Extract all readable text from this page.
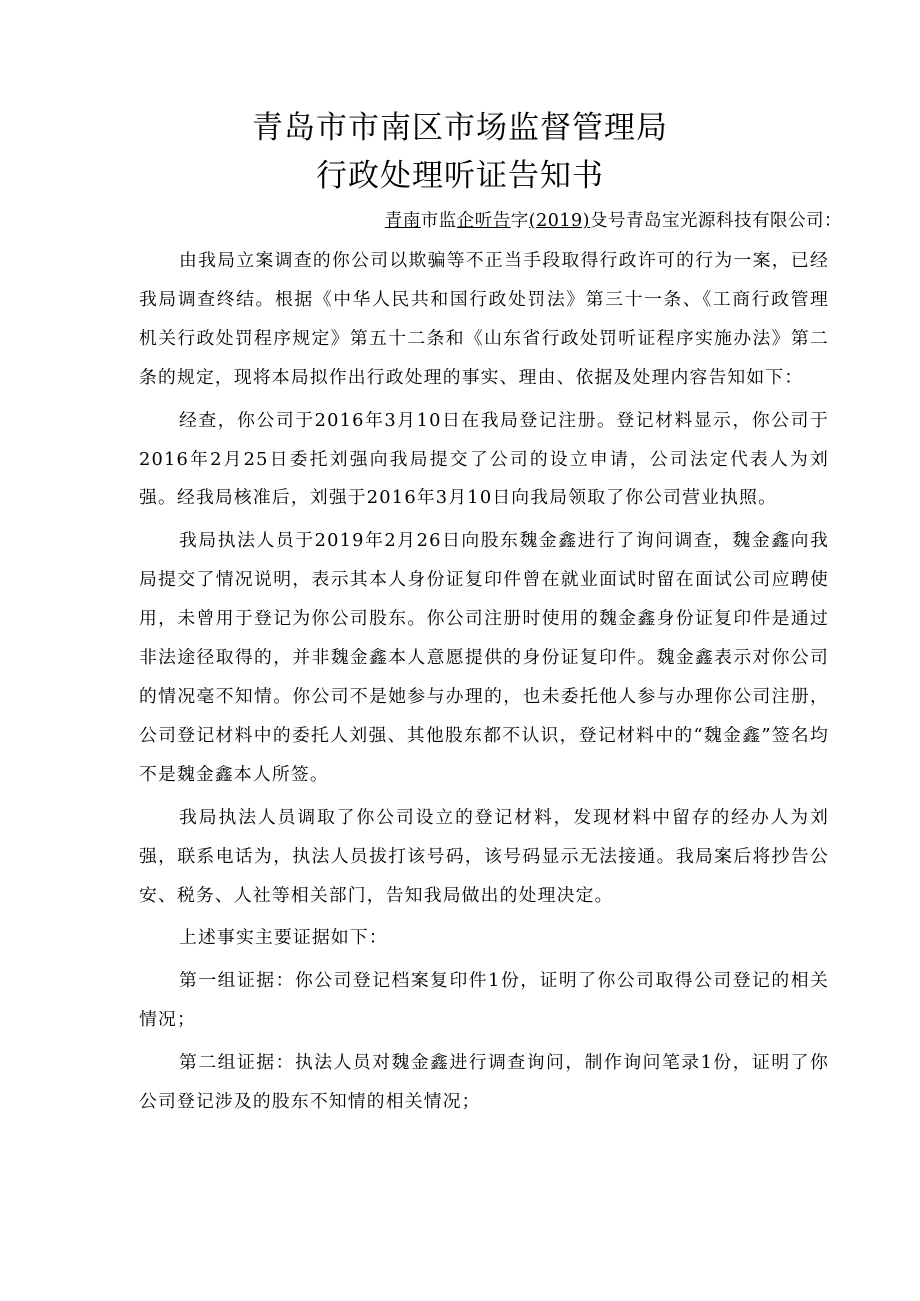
青岛市市南区市场监督管理局
行政处理听证告知书
青南市监企听告字(2019)殳号青岛宝光源科技有限公司：

由我局立案调查的你公司以欺骗等不正当手段取得行政许可的行为一案，已经我局调查终结。根据《中华人民共和国行政处罚法》第三十一条、《工商行政管理机关行政处罚程序规定》第五十二条和《山东省行政处罚听证程序实施办法》第二条的规定，现将本局拟作出行政处理的事实、理由、依据及处理内容告知如下：

经查，你公司于2016年3月10日在我局登记注册。登记材料显示，你公司于2016年2月25日委托刘强向我局提交了公司的设立申请，公司法定代表人为刘强。经我局核准后，刘强于2016年3月10日向我局领取了你公司营业执照。

我局执法人员于2019年2月26日向股东魏金鑫进行了询问调查，魏金鑫向我局提交了情况说明，表示其本人身份证复印件曾在就业面试时留在面试公司应聘使用，未曾用于登记为你公司股东。你公司注册时使用的魏金鑫身份证复印件是通过非法途径取得的，并非魏金鑫本人意愿提供的身份证复印件。魏金鑫表示对你公司的情况毫不知情。你公司不是她参与办理的，也未委托他人参与办理你公司注册，公司登记材料中的委托人刘强、其他股东都不认识，登记材料中的“魏金鑫”签名均不是魏金鑫本人所签。

我局执法人员调取了你公司设立的登记材料，发现材料中留存的经办人为刘强，联系电话为，执法人员拔打该号码，该号码显示无法接通。我局案后将抄告公安、税务、人社等相关部门，告知我局做出的处理决定。

上述事实主要证据如下：

第一组证据：你公司登记档案复印件1份，证明了你公司取得公司登记的相关情况；

第二组证据：执法人员对魏金鑫进行调查询问，制作询问笔录1份，证明了你公司登记涉及的股东不知情的相关情况；
